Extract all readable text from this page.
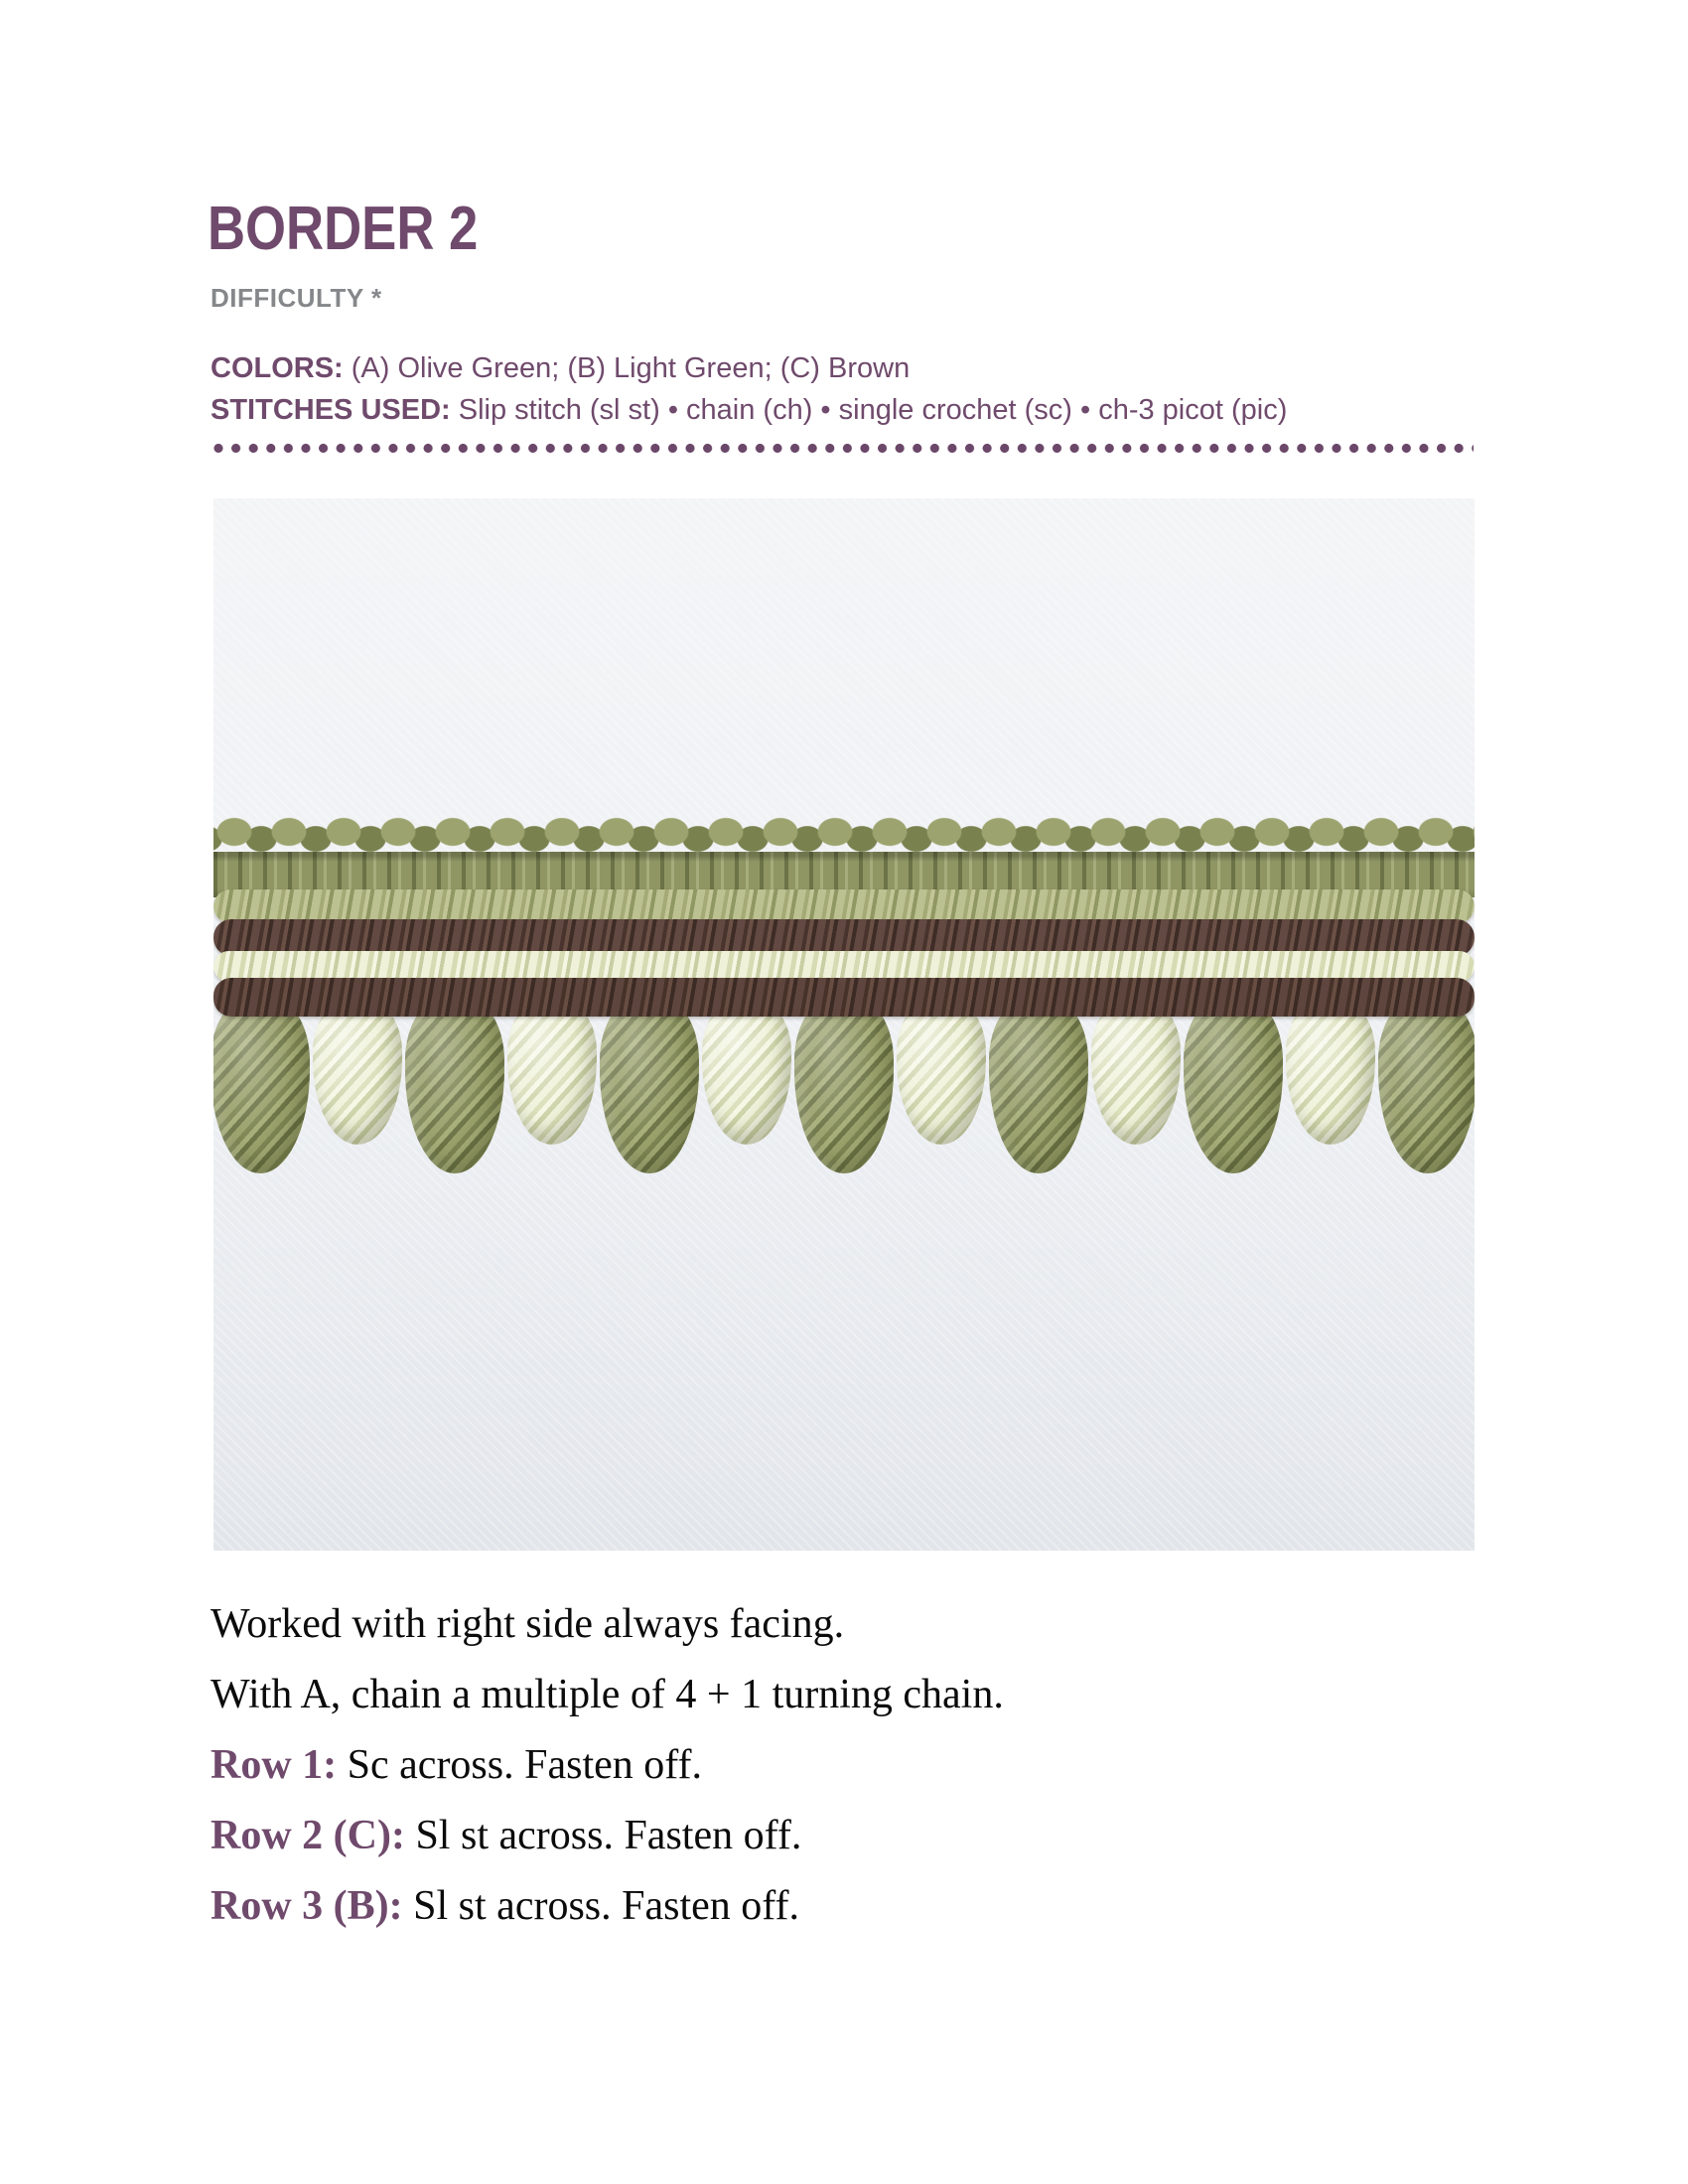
BORDER 2
DIFFICULTY *
COLORS: (A) Olive Green; (B) Light Green; (C) Brown
STITCHES USED: Slip stitch (sl st) • chain (ch) • single crochet (sc) • ch-3 picot (pic)
Worked with right side always facing.
With A, chain a multiple of 4 + 1 turning chain.
Row 1: Sc across. Fasten off.
Row 2 (C): Sl st across. Fasten off.
Row 3 (B): Sl st across. Fasten off.
